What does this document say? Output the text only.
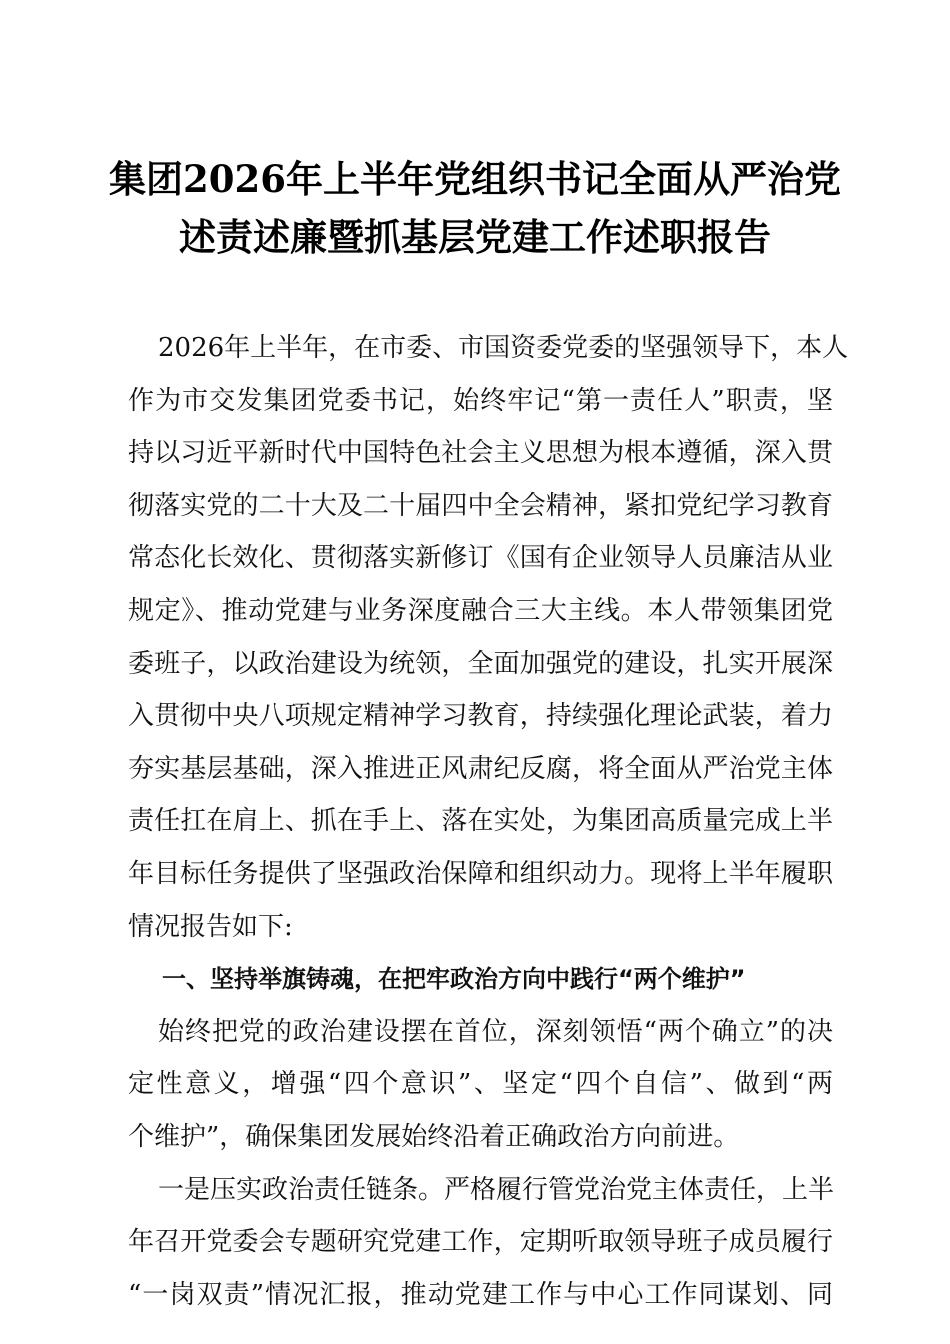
集团2026年上半年党组织书记全面从严治党
述责述廉暨抓基层党建工作述职报告
2026年上半年，在市委、市国资委党委的坚强领导下，本人
作为市交发集团党委书记，始终牢记“第一责任人”职责，坚
持以习近平新时代中国特色社会主义思想为根本遵循，深入贯
彻落实党的二十大及二十届四中全会精神，紧扣党纪学习教育
常态化长效化、贯彻落实新修订《国有企业领导人员廉洁从业
规定》、推动党建与业务深度融合三大主线。本人带领集团党
委班子，以政治建设为统领，全面加强党的建设，扎实开展深
入贯彻中央八项规定精神学习教育，持续强化理论武装，着力
夯实基层基础，深入推进正风肃纪反腐，将全面从严治党主体
责任扛在肩上、抓在手上、落在实处，为集团高质量完成上半
年目标任务提供了坚强政治保障和组织动力。现将上半年履职
情况报告如下:
一、坚持举旗铸魂，在把牢政治方向中践行“两个维护”
始终把党的政治建设摆在首位，深刻领悟“两个确立”的决
定性意义，增强“四个意识”、坚定“四个自信”、做到“两
个维护”，确保集团发展始终沿着正确政治方向前进。
一是压实政治责任链条。严格履行管党治党主体责任，上半
年召开党委会专题研究党建工作，定期听取领导班子成员履行
“一岗双责”情况汇报，推动党建工作与中心工作同谋划、同
